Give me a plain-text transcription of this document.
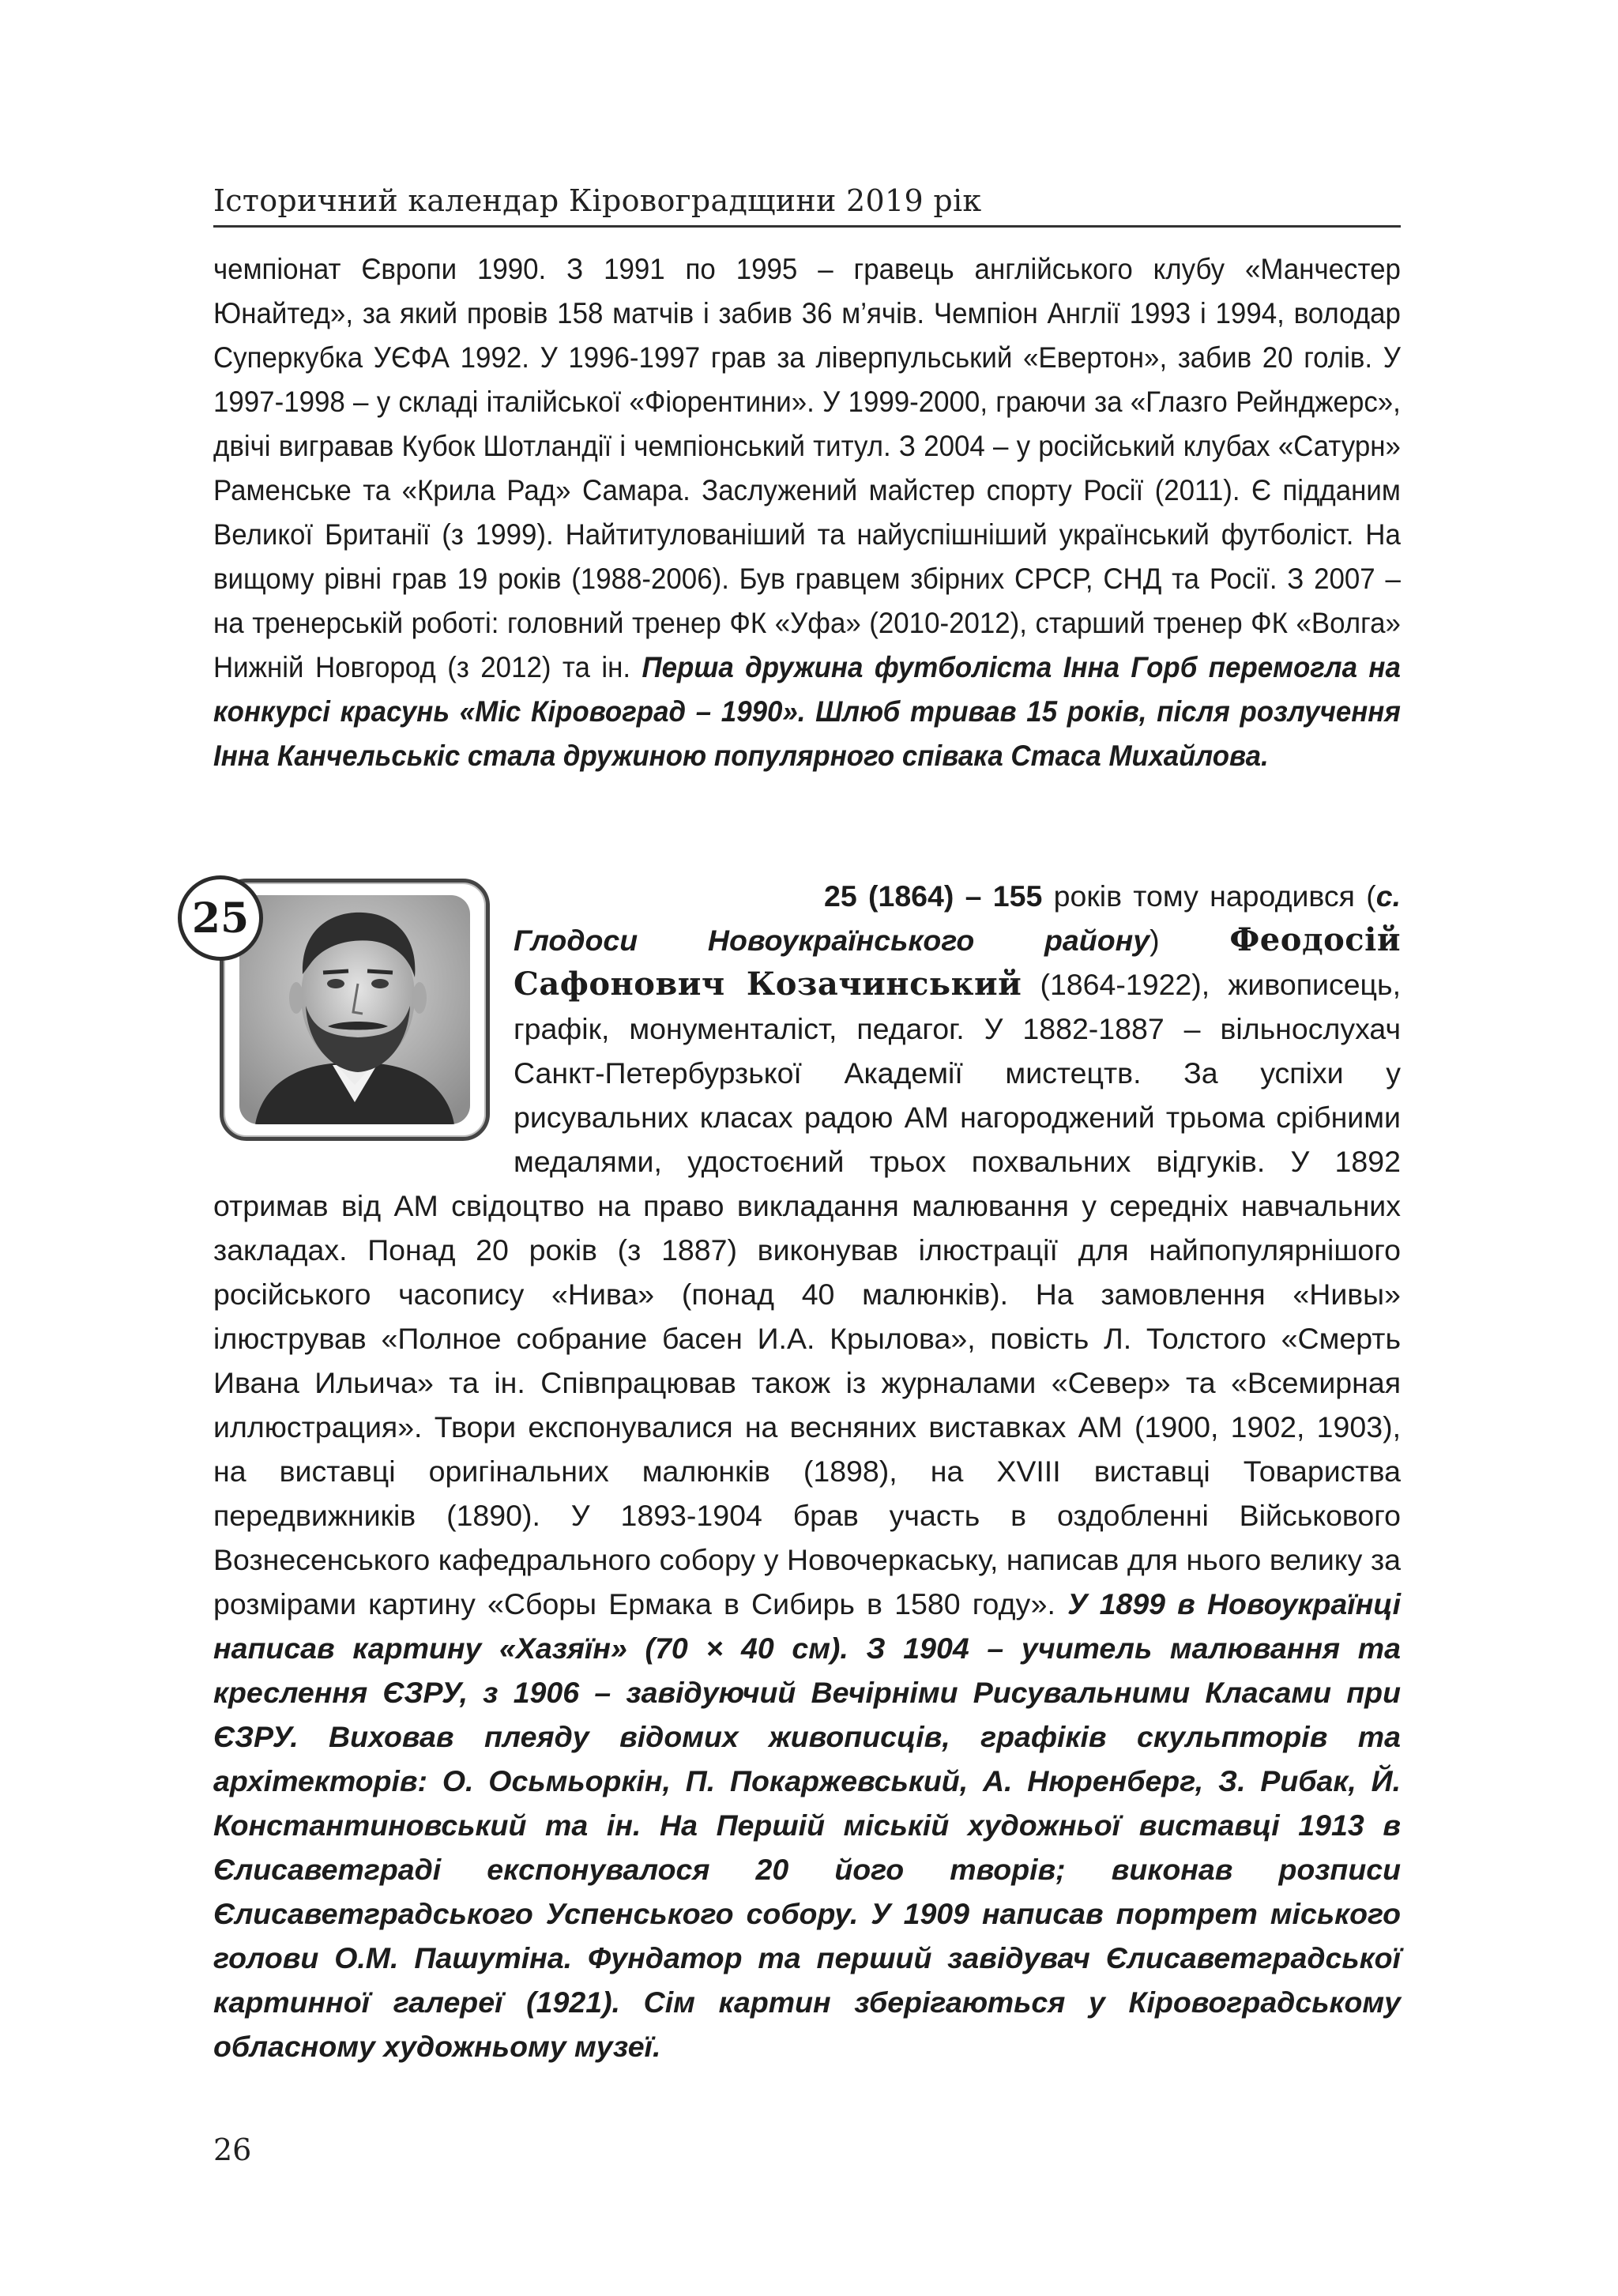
Історичний календар Кіровоградщини 2019 рік

чемпіонат Європи 1990. З 1991 по 1995 – гравець англійського клубу «Манчестер Юнайтед», за який провів 158 матчів і забив 36 м’ячів. Чемпіон Англії 1993 і 1994, володар Суперкубка УЄФА 1992. У 1996-1997 грав за ліверпульський «Евертон», забив 20 голів. У 1997-1998 – у складі італійської «Фіорентини». У 1999-2000, граючи за «Глазго Рейнджерс», двічі вигравав Кубок Шотландії і чемпіонський титул. З 2004 – у російський клубах «Сатурн» Раменське та «Крила Рад» Самара. Заслужений майстер спорту Росії (2011). Є підданим Великої Британії (з 1999). Найтитулованіший та найуспішніший український футболіст. На вищому рівні грав 19 років (1988-2006). Був гравцем збірних СРСР, СНД та Росії. З 2007 – на тренерській роботі: головний тренер ФК «Уфа» (2010-2012), старший тренер ФК «Волга» Нижній Новгород (з 2012) та ін. Перша дружина футболіста Інна Горб перемогла на конкурсі красунь «Міс Кіровоград – 1990». Шлюб тривав 15 років, після розлучення Інна Канчельськіс стала дружиною популярного співака Стаса Михайлова.

25	25 (1864) – 155 років тому народився (с. Глодоси Новоукраїнського району) Феодосій Сафонович Козачинський (1864-1922), живописець, графік, монументаліст, педагог. У 1882-1887 – вільнослухач Санкт-Петербурзької Академії мистецтв. За успіхи у рисувальних класах радою АМ нагороджений трьома срібними медалями, удостоєний трьох похвальних відгуків. У 1892 отримав від АМ свідоцтво на право викладання малювання у середніх навчальних закладах. Понад 20 років (з 1887) виконував ілюстрації для найпопулярнішого російського часопису «Нива» (понад 40 малюнків). На замовлення «Нивы» ілюстрував «Полное собрание басен И.А. Крылова», повість Л. Толстого «Смерть Ивана Ильича» та ін. Співпрацював також із журналами «Север» та «Всемирная иллюстрация». Твори експонувалися на весняних виставках АМ (1900, 1902, 1903), на виставці оригінальних малюнків (1898), на XVIII виставці Товариства передвижників (1890). У 1893-1904 брав участь в оздобленні Військового Вознесенського кафедрального собору у Новочеркаську, написав для нього велику за розмірами картину «Сборы Ермака в Сибирь в 1580 году». У 1899 в Новоукраїнці написав картину «Хазяїн» (70 × 40 см). З 1904 – учитель малювання та креслення ЄЗРУ, з 1906 – завідуючий Вечірніми Рисувальними Класами при ЄЗРУ. Виховав плеяду відомих живописців, графіків скульпторів та архітекторів: О. Осьмьоркін, П. Покаржевський, А. Нюренберг, З. Рибак, Й. Константиновський та ін. На Першій міській художньої виставці 1913 в Єлисаветграді експонувалося 20 його творів; виконав розписи Єлисаветградського Успенського собору. У 1909 написав портрет міського голови О.М. Пашутіна. Фундатор та перший завідувач Єлисаветградської картинної галереї (1921). Сім картин зберігаються у Кіровоградському обласному художньому музеї.

26
